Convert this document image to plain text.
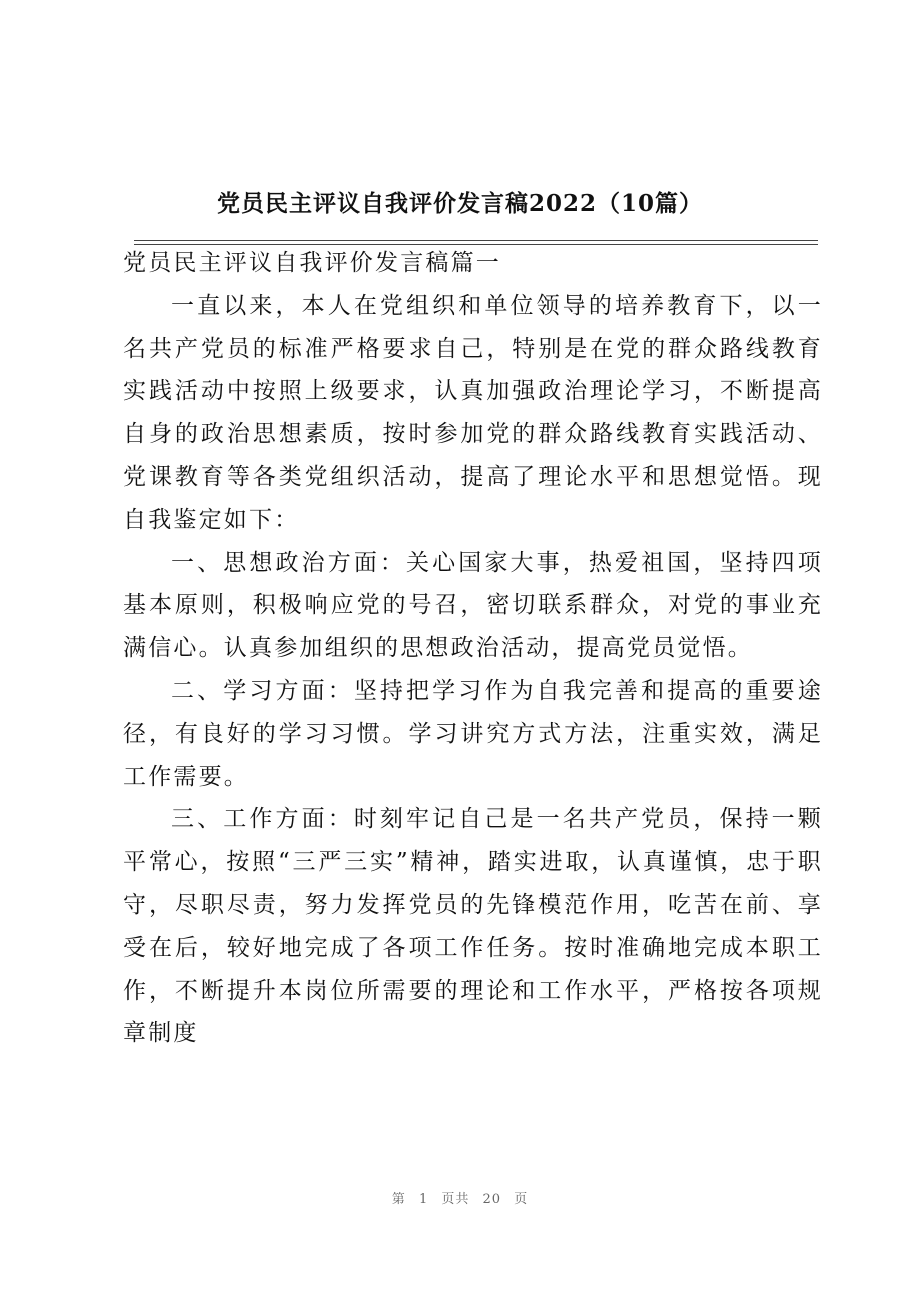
党员民主评议自我评价发言稿2022（10篇）

党员民主评议自我评价发言稿篇一

一直以来，本人在党组织和单位领导的培养教育下，以一名共产党员的标准严格要求自己，特别是在党的群众路线教育实践活动中按照上级要求，认真加强政治理论学习，不断提高自身的政治思想素质，按时参加党的群众路线教育实践活动、党课教育等各类党组织活动，提高了理论水平和思想觉悟。现自我鉴定如下：

一、思想政治方面：关心国家大事，热爱祖国，坚持四项基本原则，积极响应党的号召，密切联系群众，对党的事业充满信心。认真参加组织的思想政治活动，提高党员觉悟。

二、学习方面：坚持把学习作为自我完善和提高的重要途径，有良好的学习习惯。学习讲究方式方法，注重实效，满足工作需要。

三、工作方面：时刻牢记自己是一名共产党员，保持一颗平常心，按照“三严三实”精神，踏实进取，认真谨慎，忠于职守，尽职尽责，努力发挥党员的先锋模范作用，吃苦在前、享受在后，较好地完成了各项工作任务。按时准确地完成本职工作，不断提升本岗位所需要的理论和工作水平，严格按各项规章制度

第 1 页共 20 页
